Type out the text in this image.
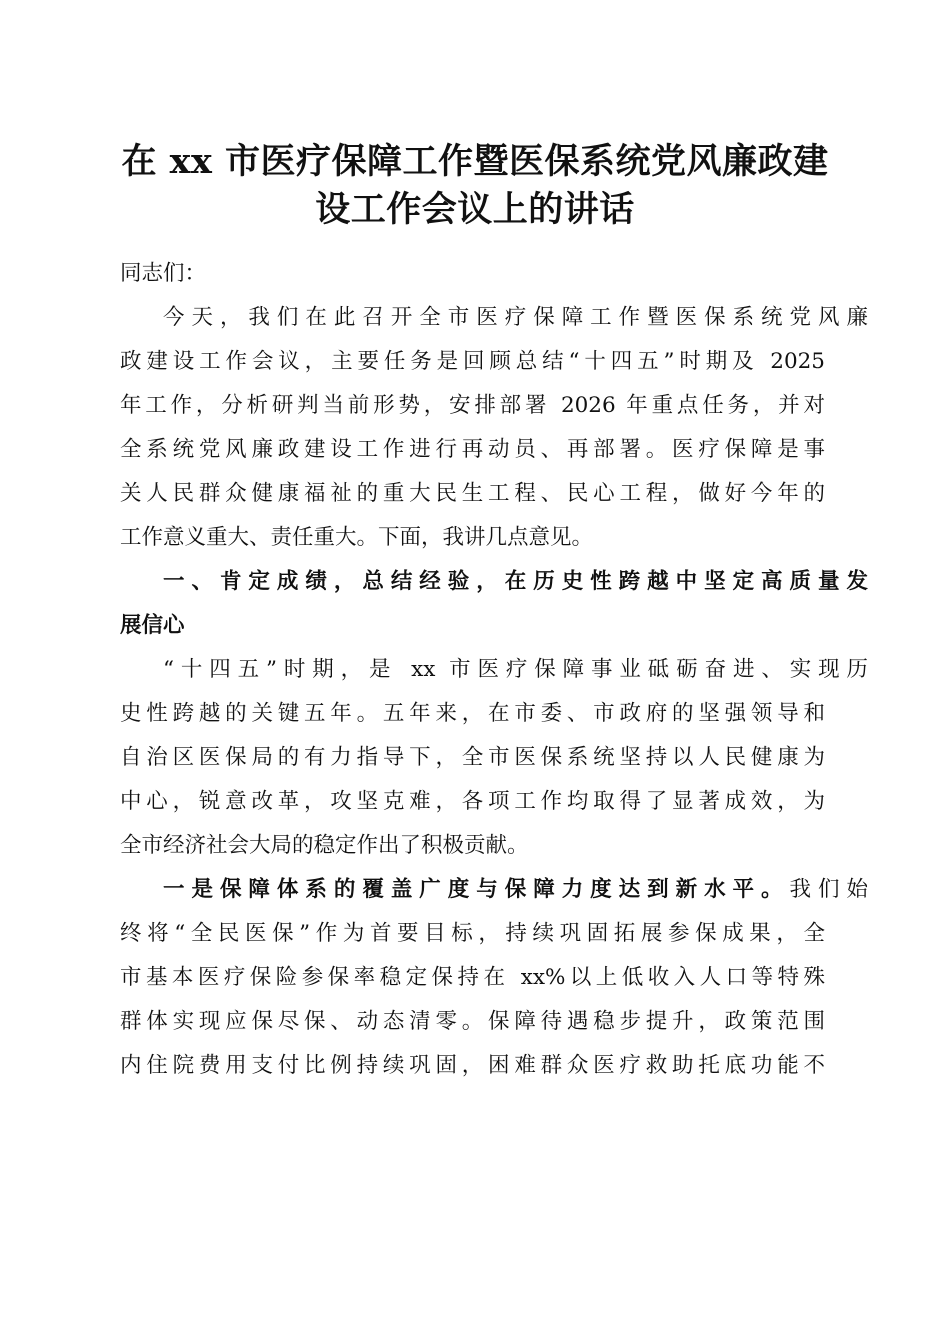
在 xx 市医疗保障工作暨医保系统党风廉政建
设工作会议上的讲话

同志们：

今天，我们在此召开全市医疗保障工作暨医保系统党风廉
政建设工作会议，主要任务是回顾总结“十四五”时期及 2025
年工作，分析研判当前形势，安排部署 2026 年重点任务，并对
全系统党风廉政建设工作进行再动员、再部署。医疗保障是事
关人民群众健康福祉的重大民生工程、民心工程，做好今年的
工作意义重大、责任重大。下面，我讲几点意见。

一、肯定成绩，总结经验，在历史性跨越中坚定高质量发
展信心

“十四五”时期，是 xx 市医疗保障事业砥砺奋进、实现历
史性跨越的关键五年。五年来，在市委、市政府的坚强领导和
自治区医保局的有力指导下，全市医保系统坚持以人民健康为
中心，锐意改革，攻坚克难，各项工作均取得了显著成效，为
全市经济社会大局的稳定作出了积极贡献。

一是保障体系的覆盖广度与保障力度达到新水平。我们始
终将“全民医保”作为首要目标，持续巩固拓展参保成果，全
市基本医疗保险参保率稳定保持在 xx%以上低收入人口等特殊
群体实现应保尽保、动态清零。保障待遇稳步提升，政策范围
内住院费用支付比例持续巩固，困难群众医疗救助托底功能不
